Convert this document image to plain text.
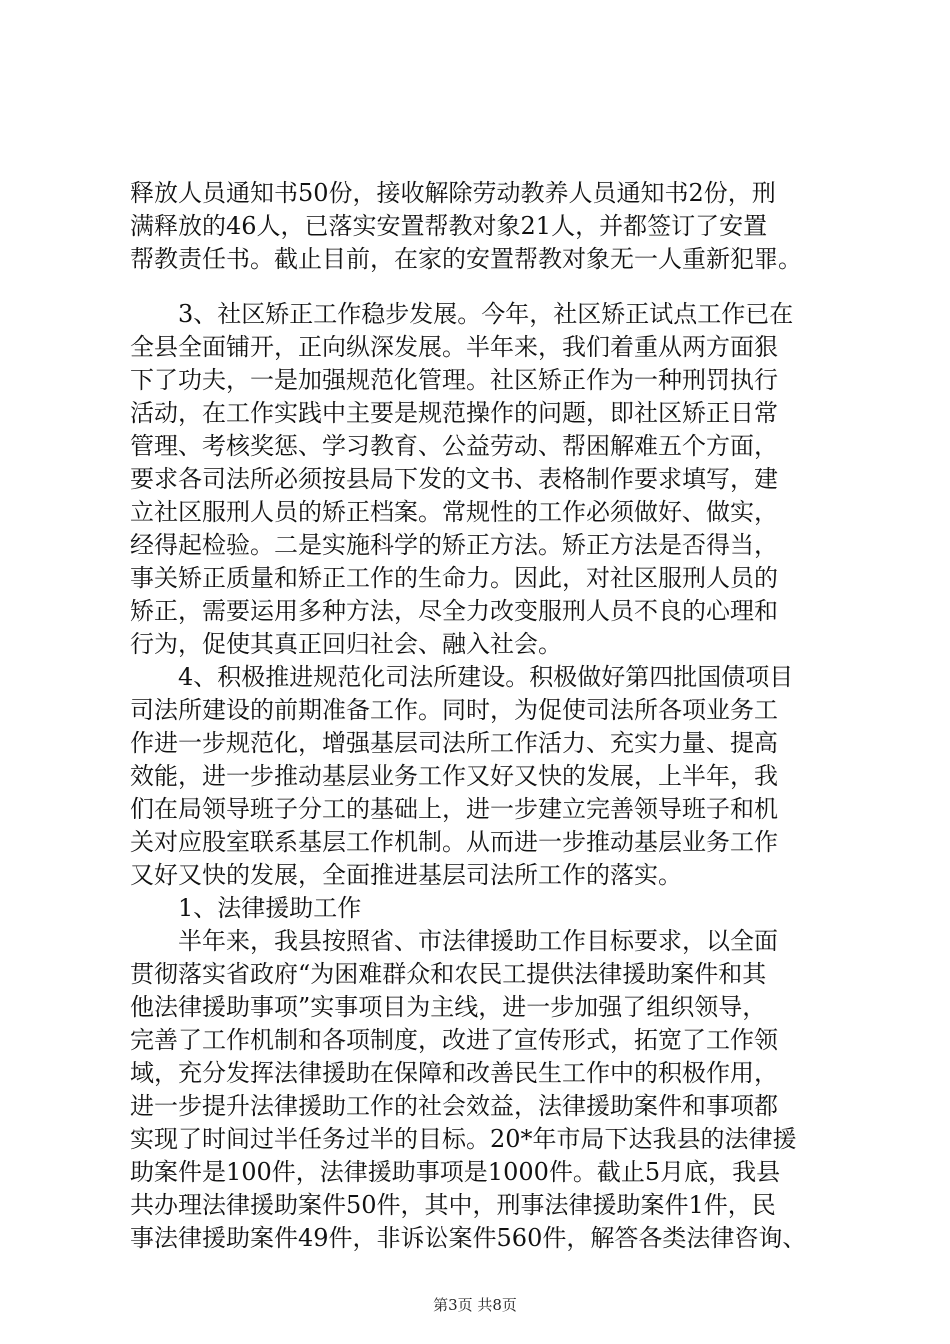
释放人员通知书50份，接收解除劳动教养人员通知书2份，刑
满释放的46人，已落实安置帮教对象21人，并都签订了安置
帮教责任书。截止目前，在家的安置帮教对象无一人重新犯罪。
　　3、社区矫正工作稳步发展。今年，社区矫正试点工作已在
全县全面铺开，正向纵深发展。半年来，我们着重从两方面狠
下了功夫，一是加强规范化管理。社区矫正作为一种刑罚执行
活动，在工作实践中主要是规范操作的问题，即社区矫正日常
管理、考核奖惩、学习教育、公益劳动、帮困解难五个方面，
要求各司法所必须按县局下发的文书、表格制作要求填写，建
立社区服刑人员的矫正档案。常规性的工作必须做好、做实，
经得起检验。二是实施科学的矫正方法。矫正方法是否得当，
事关矫正质量和矫正工作的生命力。因此，对社区服刑人员的
矫正，需要运用多种方法，尽全力改变服刑人员不良的心理和
行为，促使其真正回归社会、融入社会。
　　4、积极推进规范化司法所建设。积极做好第四批国债项目
司法所建设的前期准备工作。同时，为促使司法所各项业务工
作进一步规范化，增强基层司法所工作活力、充实力量、提高
效能，进一步推动基层业务工作又好又快的发展，上半年，我
们在局领导班子分工的基础上，进一步建立完善领导班子和机
关对应股室联系基层工作机制。从而进一步推动基层业务工作
又好又快的发展，全面推进基层司法所工作的落实。
　　1、法律援助工作
　　半年来，我县按照省、市法律援助工作目标要求，以全面
贯彻落实省政府“为困难群众和农民工提供法律援助案件和其
他法律援助事项”实事项目为主线，进一步加强了组织领导，
完善了工作机制和各项制度，改进了宣传形式，拓宽了工作领
域，充分发挥法律援助在保障和改善民生工作中的积极作用，
进一步提升法律援助工作的社会效益，法律援助案件和事项都
实现了时间过半任务过半的目标。20*年市局下达我县的法律援
助案件是100件，法律援助事项是1000件。截止5月底，我县
共办理法律援助案件50件，其中，刑事法律援助案件1件，民
事法律援助案件49件，非诉讼案件560件，解答各类法律咨询、
第3页 共8页
